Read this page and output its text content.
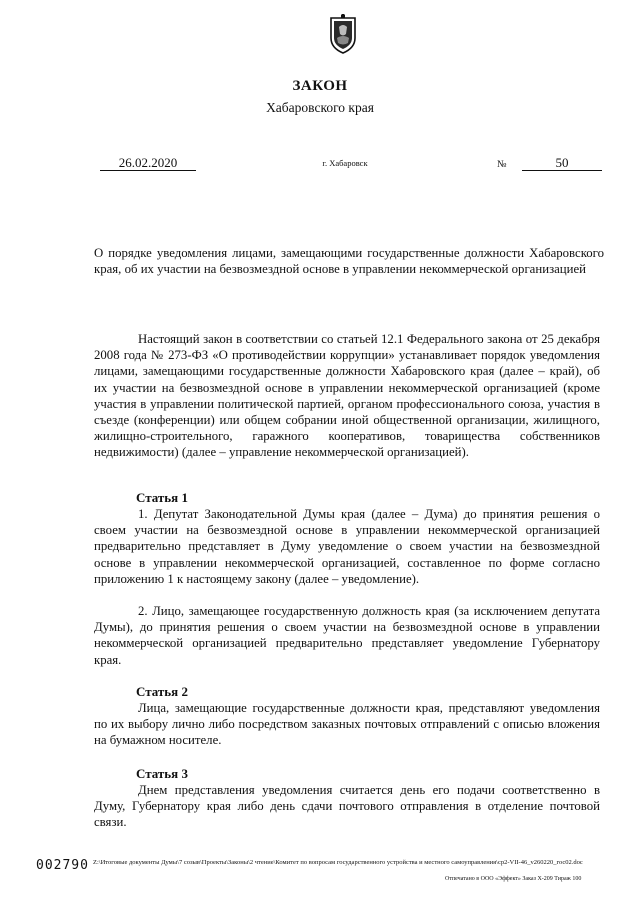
ЗАКОН
Хабаровского края
26.02.2020	г. Хабаровск	№	50
О порядке уведомления лицами, замещающими государственные должности Хабаровского края, об их участии на безвозмездной основе в управлении некоммерческой организацией
Настоящий закон в соответствии со статьей 12.1 Федерального закона от 25 декабря 2008 года № 273-ФЗ «О противодействии коррупции» устанавливает порядок уведомления лицами, замещающими государственные должности Хабаровского края (далее – край), об их участии на безвозмездной основе в управлении некоммерческой организацией (кроме участия в управлении политической партией, органом профессионального союза, участия в съезде (конференции) или общем собрании иной общественной организации, жилищного, жилищно-строительного, гаражного кооперативов, товарищества собственников недвижимости) (далее – управление некоммерческой организацией).
Статья 1
1. Депутат Законодательной Думы края (далее – Дума) до принятия решения о своем участии на безвозмездной основе в управлении некоммерческой организацией предварительно представляет в Думу уведомление о своем участии на безвозмездной основе в управлении некоммерческой организацией, составленное по форме согласно приложению 1 к настоящему закону (далее – уведомление).
2. Лицо, замещающее государственную должность края (за исключением депутата Думы), до принятия решения о своем участии на безвозмездной основе в управлении некоммерческой организацией предварительно представляет уведомление Губернатору края.
Статья 2
Лица, замещающие государственные должности края, представляют уведомления по их выбору лично либо посредством заказных почтовых отправлений с описью вложения на бумажном носителе.
Статья 3
Днем представления уведомления считается день его подачи соответственно в Думу, Губернатору края либо день сдачи почтового отправления в отделение почтовой связи.
002790 Z:\Итоговые документы Думы\7 созыв\Проекты\Законы\2 чтение\Комитет по вопросам государственного устройства и местного самоуправления\ср2-VII-46_v260220_гос02.doc
Отпечатано в ООО «Эффект» Заказ Х-209 Тираж 100
